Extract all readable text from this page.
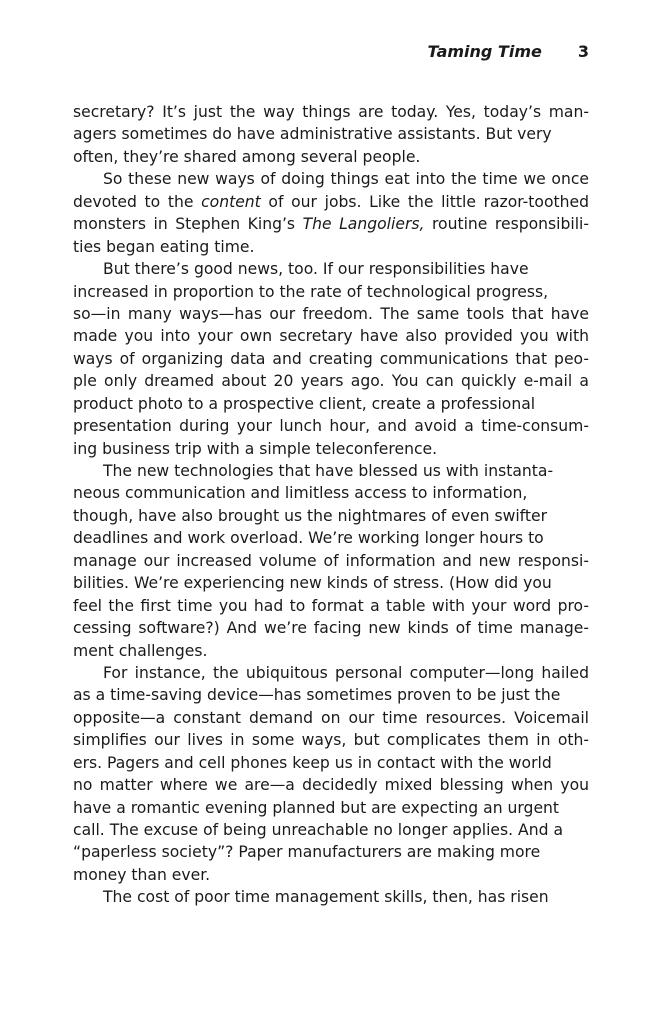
Taming Time 3
secretary? It’s just the way things are today. Yes, today’s man-
agers sometimes do have administrative assistants. But very
often, they’re shared among several people.
So these new ways of doing things eat into the time we once
devoted to the content of our jobs. Like the little razor-toothed
monsters in Stephen King’s The Langoliers, routine responsibili-
ties began eating time.
But there’s good news, too. If our responsibilities have
increased in proportion to the rate of technological progress,
so—in many ways—has our freedom. The same tools that have
made you into your own secretary have also provided you with
ways of organizing data and creating communications that peo-
ple only dreamed about 20 years ago. You can quickly e-mail a
product photo to a prospective client, create a professional
presentation during your lunch hour, and avoid a time-consum-
ing business trip with a simple teleconference.
The new technologies that have blessed us with instanta-
neous communication and limitless access to information,
though, have also brought us the nightmares of even swifter
deadlines and work overload. We’re working longer hours to
manage our increased volume of information and new responsi-
bilities. We’re experiencing new kinds of stress. (How did you
feel the first time you had to format a table with your word pro-
cessing software?) And we’re facing new kinds of time manage-
ment challenges.
For instance, the ubiquitous personal computer—long hailed
as a time-saving device—has sometimes proven to be just the
opposite—a constant demand on our time resources. Voicemail
simplifies our lives in some ways, but complicates them in oth-
ers. Pagers and cell phones keep us in contact with the world
no matter where we are—a decidedly mixed blessing when you
have a romantic evening planned but are expecting an urgent
call. The excuse of being unreachable no longer applies. And a
“paperless society”? Paper manufacturers are making more
money than ever.
The cost of poor time management skills, then, has risen
